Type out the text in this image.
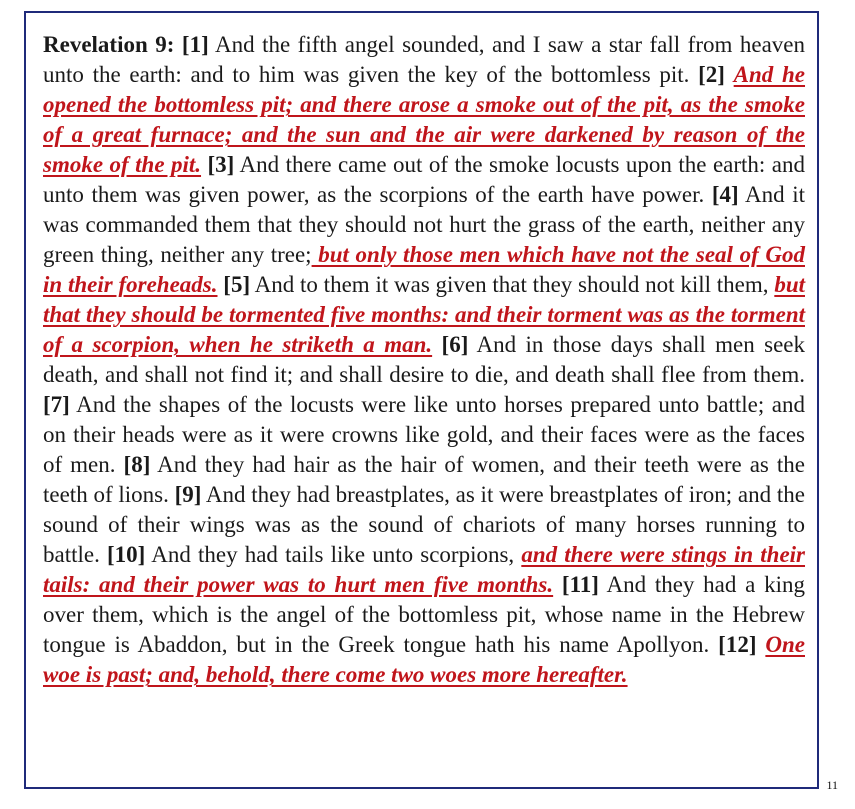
Revelation 9: [1] And the fifth angel sounded, and I saw a star fall from heaven unto the earth: and to him was given the key of the bottomless pit. [2] And he opened the bottomless pit; and there arose a smoke out of the pit, as the smoke of a great furnace; and the sun and the air were darkened by reason of the smoke of the pit. [3] And there came out of the smoke locusts upon the earth: and unto them was given power, as the scorpions of the earth have power. [4] And it was commanded them that they should not hurt the grass of the earth, neither any green thing, neither any tree; but only those men which have not the seal of God in their foreheads. [5] And to them it was given that they should not kill them, but that they should be tormented five months: and their torment was as the torment of a scorpion, when he striketh a man. [6] And in those days shall men seek death, and shall not find it; and shall desire to die, and death shall flee from them. [7] And the shapes of the locusts were like unto horses prepared unto battle; and on their heads were as it were crowns like gold, and their faces were as the faces of men. [8] And they had hair as the hair of women, and their teeth were as the teeth of lions. [9] And they had breastplates, as it were breastplates of iron; and the sound of their wings was as the sound of chariots of many horses running to battle. [10] And they had tails like unto scorpions, and there were stings in their tails: and their power was to hurt men five months. [11] And they had a king over them, which is the angel of the bottomless pit, whose name in the Hebrew tongue is Abaddon, but in the Greek tongue hath his name Apollyon. [12] One woe is past; and, behold, there come two woes more hereafter.

11
